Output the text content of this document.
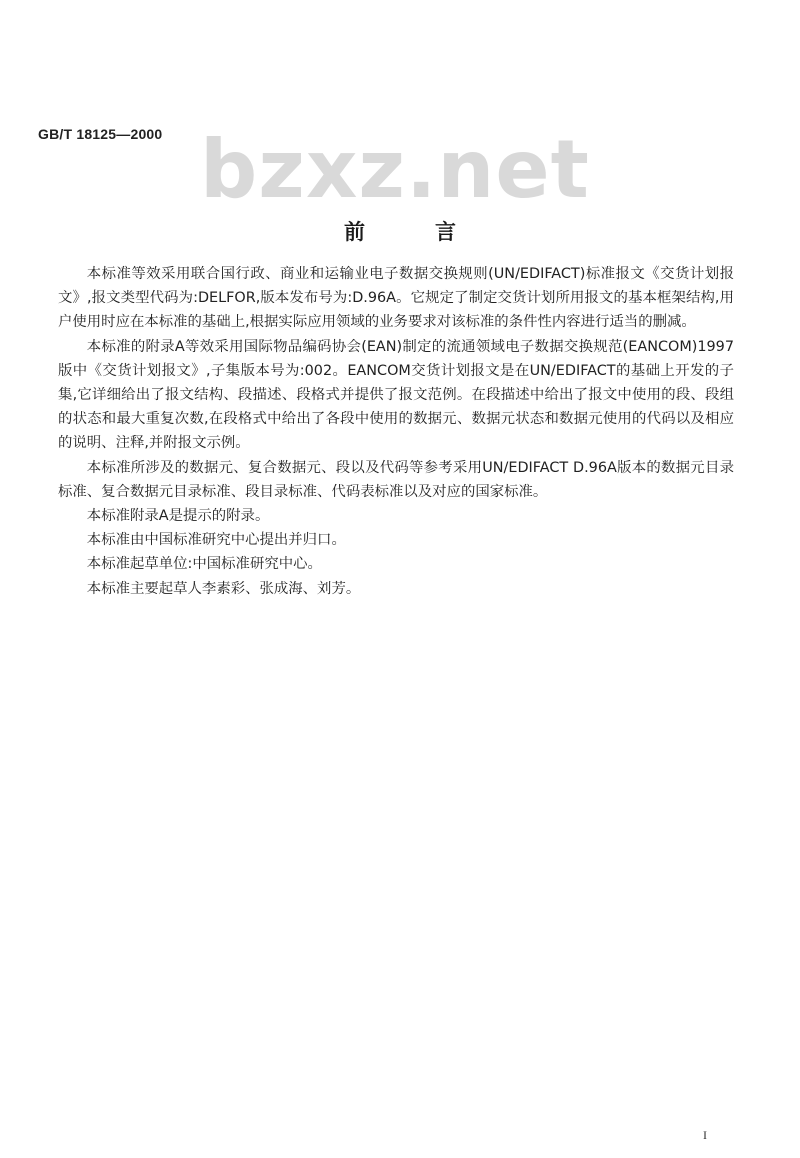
GB/T 18125—2000 bzxz.net
前言

本标准等效采用联合国行政、商业和运输业电子数据交换规则(UN/EDIFACT)标准报文《交货计划报文》,报文类型代码为:DELFOR,版本发布号为:D.96A。它规定了制定交货计划所用报文的基本框架结构,用户使用时应在本标准的基础上,根据实际应用领域的业务要求对该标准的条件性内容进行适当的删减。

本标准的附录A等效采用国际物品编码协会(EAN)制定的流通领域电子数据交换规范(EANCOM)1997版中《交货计划报文》,子集版本号为:002。EANCOM交货计划报文是在UN/EDIFACT的基础上开发的子集,它详细给出了报文结构、段描述、段格式并提供了报文范例。在段描述中给出了报文中使用的段、段组的状态和最大重复次数,在段格式中给出了各段中使用的数据元、数据元状态和数据元使用的代码以及相应的说明、注释,并附报文示例。

本标准所涉及的数据元、复合数据元、段以及代码等参考采用UN/EDIFACT D.96A版本的数据元目录标准、复合数据元目录标准、段目录标准、代码表标准以及对应的国家标准。

本标准附录A是提示的附录。

本标准由中国标准研究中心提出并归口。

本标准起草单位:中国标准研究中心。

本标准主要起草人李素彩、张成海、刘芳。

I
